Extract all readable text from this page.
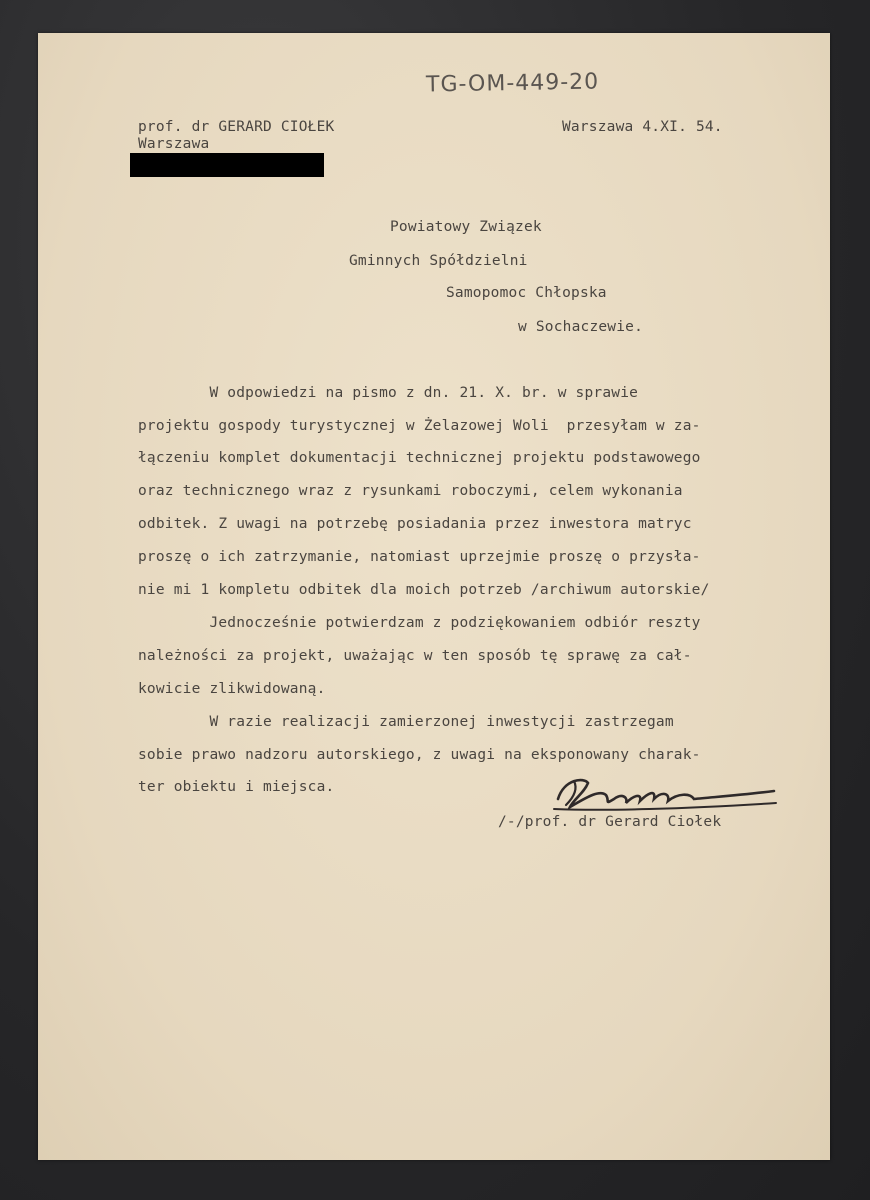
TG-OM-449-20
prof. dr GERARD CIOŁEK
Warszawa
Warszawa 4.XI. 54.
Powiatowy Związek
Gminnych Spółdzielni
Samopomoc Chłopska
w Sochaczewie.
W odpowiedzi na pismo z dn. 21. X. br. w sprawie
projektu gospody turystycznej w Żelazowej Woli  przesyłam w za-
łączeniu komplet dokumentacji technicznej projektu podstawowego
oraz technicznego wraz z rysunkami roboczymi, celem wykonania
odbitek. Z uwagi na potrzebę posiadania przez inwestora matryc
proszę o ich zatrzymanie, natomiast uprzejmie proszę o przysła-
nie mi 1 kompletu odbitek dla moich potrzeb /archiwum autorskie/
Jednocześnie potwierdzam z podziękowaniem odbiór reszty
należności za projekt, uważając w ten sposób tę sprawę za cał-
kowicie zlikwidowaną.
W razie realizacji zamierzonej inwestycji zastrzegam
sobie prawo nadzoru autorskiego, z uwagi na eksponowany charak-
ter obiektu i miejsca.
/-/prof. dr Gerard Ciołek
